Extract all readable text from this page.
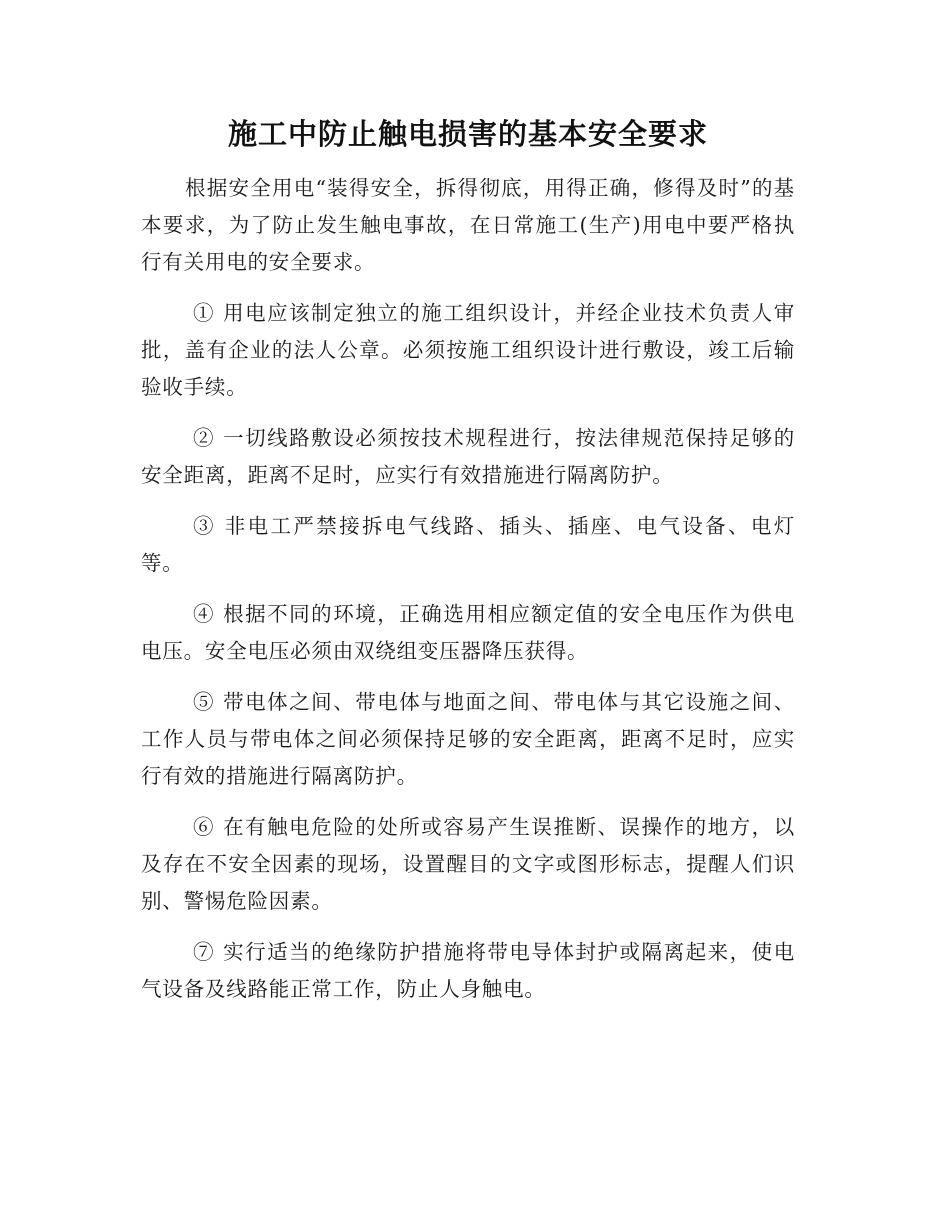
施工中防止触电损害的基本安全要求

根据安全用电“装得安全，拆得彻底，用得正确，修得及时”的基本要求，为了防止发生触电事故，在日常施工(生产)用电中要严格执行有关用电的安全要求。

① 用电应该制定独立的施工组织设计，并经企业技术负责人审批，盖有企业的法人公章。必须按施工组织设计进行敷设，竣工后输验收手续。

② 一切线路敷设必须按技术规程进行，按法律规范保持足够的安全距离，距离不足时，应实行有效措施进行隔离防护。

③ 非电工严禁接拆电气线路、插头、插座、电气设备、电灯等。

④ 根据不同的环境，正确选用相应额定值的安全电压作为供电电压。安全电压必须由双绕组变压器降压获得。

⑤ 带电体之间、带电体与地面之间、带电体与其它设施之间、工作人员与带电体之间必须保持足够的安全距离，距离不足时，应实行有效的措施进行隔离防护。

⑥ 在有触电危险的处所或容易产生误推断、误操作的地方，以及存在不安全因素的现场，设置醒目的文字或图形标志，提醒人们识别、警惕危险因素。

⑦ 实行适当的绝缘防护措施将带电导体封护或隔离起来，使电气设备及线路能正常工作，防止人身触电。
